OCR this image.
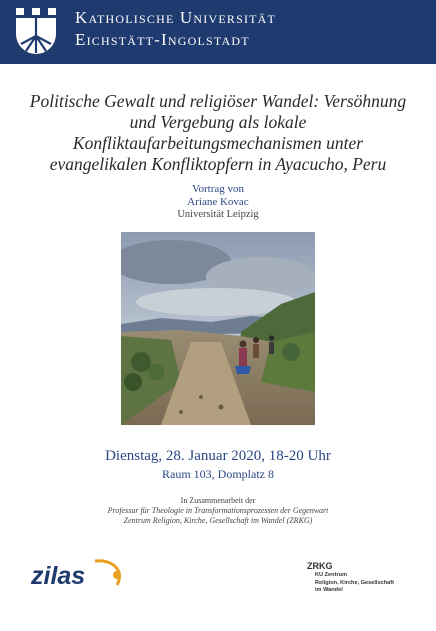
Katholische Universität
Eichstätt-Ingolstadt
Politische Gewalt und religiöser Wandel: Versöhnung
und Vergebung als lokale
Konfliktaufarbeitungsmechanismen unter
evangelikalen Konfliktopfern in Ayacucho, Peru
Vortrag von
Ariane Kovac
Universität Leipzig
Dienstag, 28. Januar 2020, 18-20 Uhr
Raum 103, Domplatz 8
In Zusammenarbeit der
Professur für Theologie in Transformationsprozessen der Gegenwart
Zentrum Religion, Kirche, Gesellschaft im Wandel (ZRKG)
zilas	ZRKG
KU Zentrum
Religion, Kirche, Gesellschaft
im Wandel
